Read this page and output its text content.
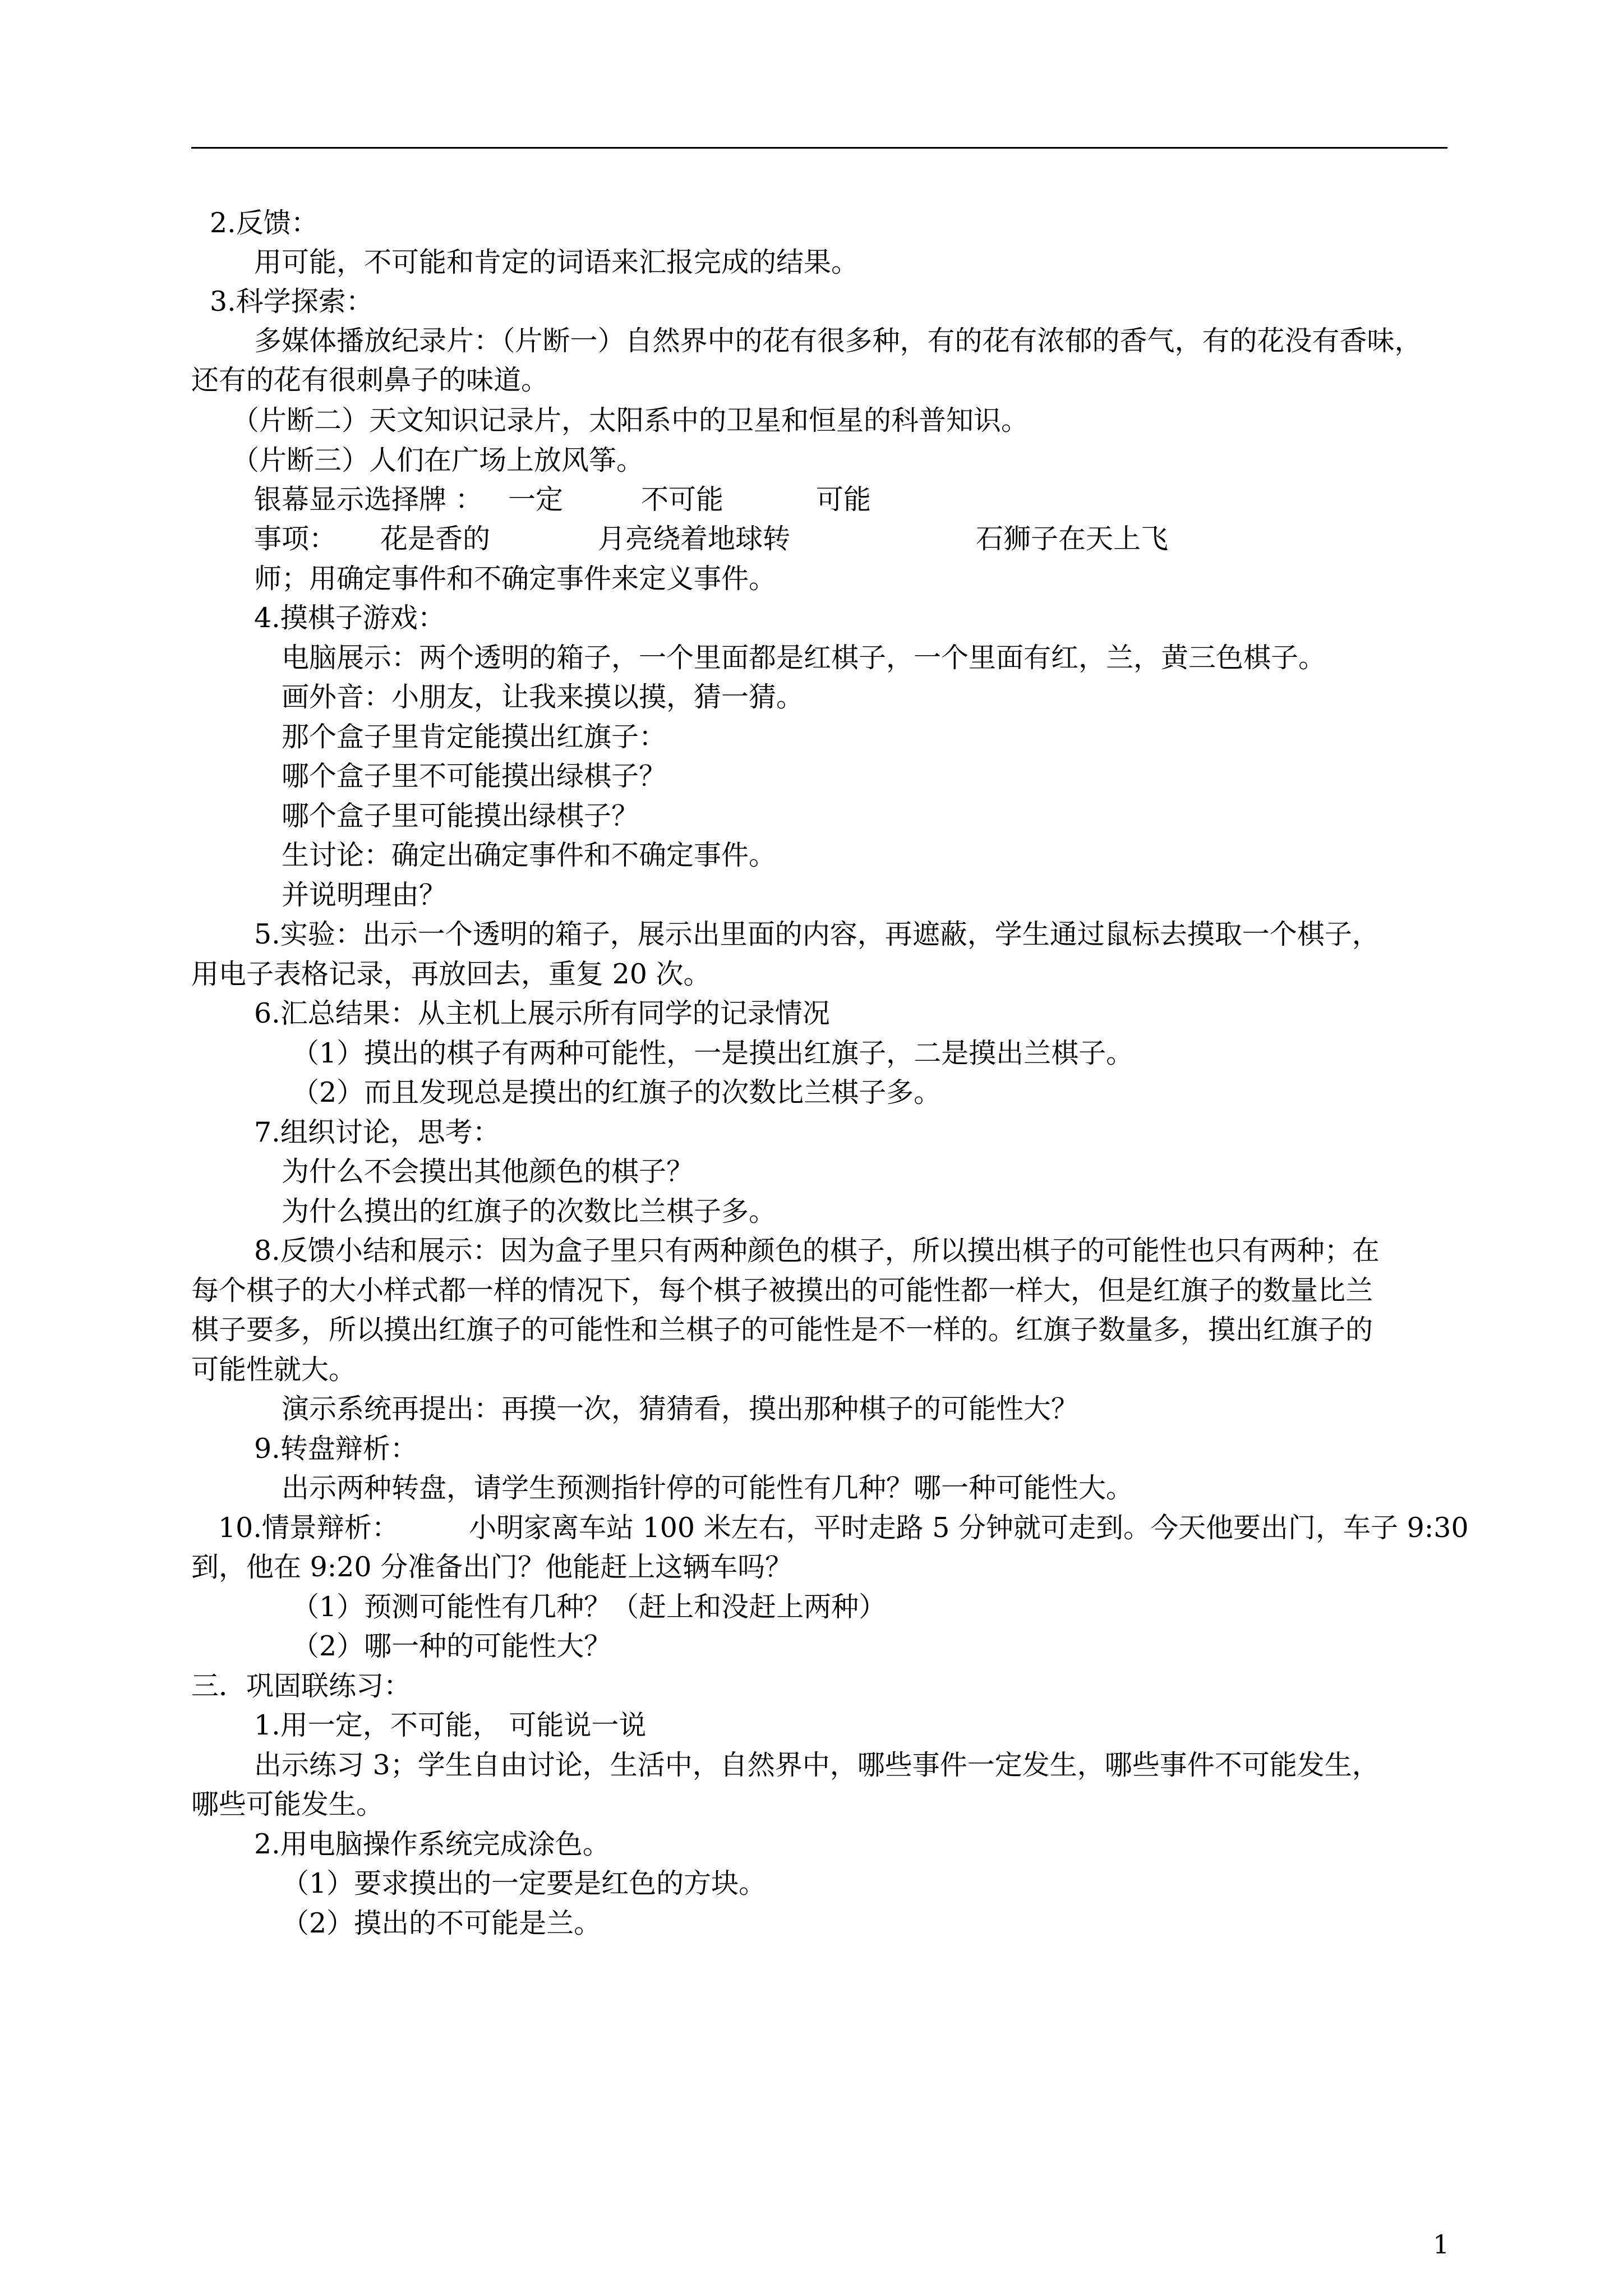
2.反馈：
用可能，不可能和肯定的词语来汇报完成的结果。
3.科学探索：
多媒体播放纪录片：（片断一）自然界中的花有很多种，有的花有浓郁的香气，有的花没有香味，
还有的花有很刺鼻子的味道。
（片断二）天文知识记录片，太阳系中的卫星和恒星的科普知识。
（片断三）人们在广场上放风筝。
银幕显示选择牌 ： 一定	不可能	可能
事项： 花是香的	月亮绕着地球转	石狮子在天上飞
师；用确定事件和不确定事件来定义事件。
4.摸棋子游戏：
电脑展示：两个透明的箱子，一个里面都是红棋子，一个里面有红，兰，黄三色棋子。
画外音：小朋友，让我来摸以摸，猜一猜。
那个盒子里肯定能摸出红旗子：
哪个盒子里不可能摸出绿棋子？
哪个盒子里可能摸出绿棋子？
生讨论：确定出确定事件和不确定事件。
并说明理由？
5.实验：出示一个透明的箱子，展示出里面的内容，再遮蔽，学生通过鼠标去摸取一个棋子，
用电子表格记录，再放回去，重复 20 次。
6.汇总结果：从主机上展示所有同学的记录情况
（1）摸出的棋子有两种可能性，一是摸出红旗子，二是摸出兰棋子。
（2）而且发现总是摸出的红旗子的次数比兰棋子多。
7.组织讨论，思考：
为什么不会摸出其他颜色的棋子？
为什么摸出的红旗子的次数比兰棋子多。
8.反馈小结和展示：因为盒子里只有两种颜色的棋子，所以摸出棋子的可能性也只有两种；在
每个棋子的大小样式都一样的情况下，每个棋子被摸出的可能性都一样大，但是红旗子的数量比兰
棋子要多，所以摸出红旗子的可能性和兰棋子的可能性是不一样的。红旗子数量多，摸出红旗子的
可能性就大。
演示系统再提出：再摸一次，猜猜看，摸出那种棋子的可能性大？
9.转盘辩析：
出示两种转盘，请学生预测指针停的可能性有几种？哪一种可能性大。
10.情景辩析：	小明家离车站 100 米左右，平时走路 5 分钟就可走到。今天他要出门，车子 9:30
到，他在 9:20 分准备出门？他能赶上这辆车吗？
（1）预测可能性有几种？（赶上和没赶上两种）
（2）哪一种的可能性大？
三．巩固联练习：
1.用一定，不可能， 可能说一说
出示练习 3；学生自由讨论，生活中，自然界中，哪些事件一定发生，哪些事件不可能发生，
哪些可能发生。
2.用电脑操作系统完成涂色。
（1）要求摸出的一定要是红色的方块。
（2）摸出的不可能是兰。
1
